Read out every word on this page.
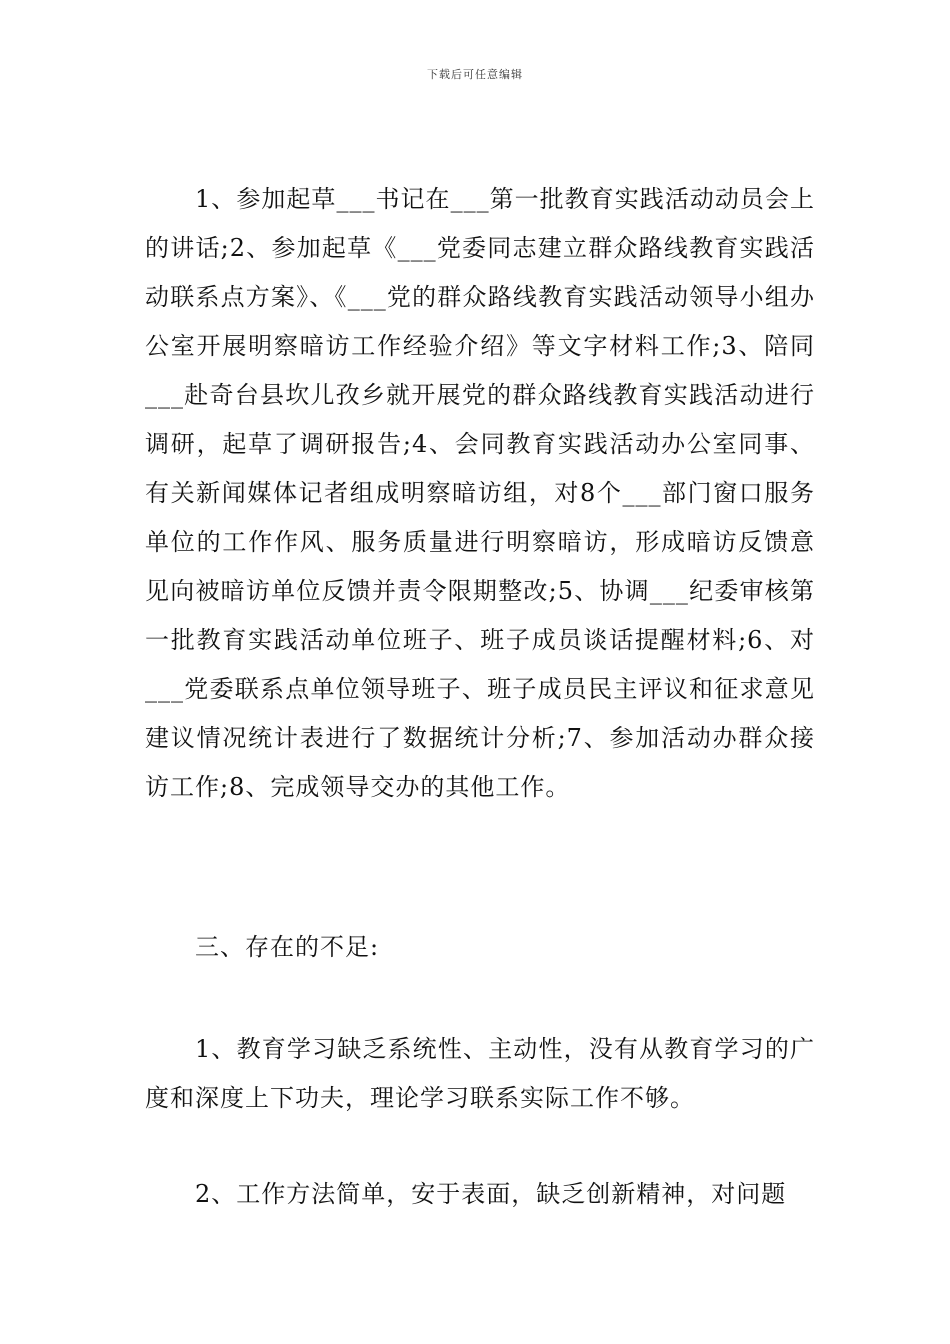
下载后可任意编辑
1、参加起草___书记在___第一批教育实践活动动员会上的讲话;2、参加起草《___党委同志建立群众路线教育实践活动联系点方案》、《___党的群众路线教育实践活动领导小组办公室开展明察暗访工作经验介绍》等文字材料工作;3、陪同___赴奇台县坎儿孜乡就开展党的群众路线教育实践活动进行调研，起草了调研报告;4、会同教育实践活动办公室同事、有关新闻媒体记者组成明察暗访组，对8个___部门窗口服务单位的工作作风、服务质量进行明察暗访，形成暗访反馈意见向被暗访单位反馈并责令限期整改;5、协调___纪委审核第一批教育实践活动单位班子、班子成员谈话提醒材料;6、对___党委联系点单位领导班子、班子成员民主评议和征求意见建议情况统计表进行了数据统计分析;7、参加活动办群众接访工作;8、完成领导交办的其他工作。
三、存在的不足:
1、教育学习缺乏系统性、主动性，没有从教育学习的广度和深度上下功夫，理论学习联系实际工作不够。
2、工作方法简单，安于表面，缺乏创新精神，对问题
